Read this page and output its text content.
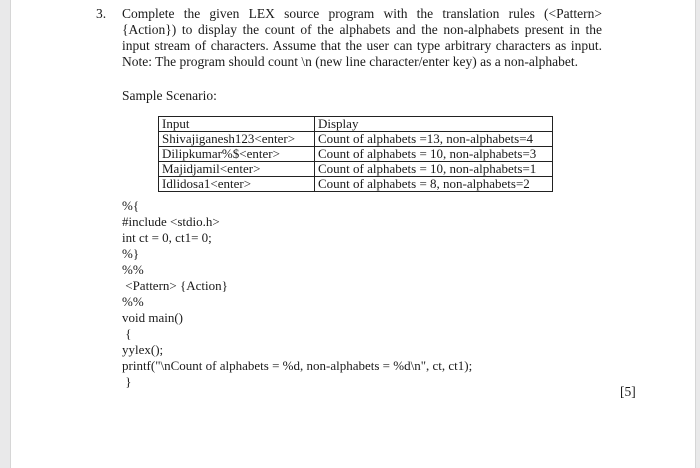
3. Complete the given LEX source program with the translation rules (<Pattern>
{Action}) to display the count of the alphabets and the non-alphabets present in the
input stream of characters. Assume that the user can type arbitrary characters as input.
Note: The program should count \n (new line character/enter key) as a non-alphabet.
Sample Scenario:
Input	Display
Shivajiganesh123<enter>	Count of alphabets =13, non-alphabets=4
Dilipkumar%$<enter>	Count of alphabets = 10, non-alphabets=3
Majidjamil<enter>	Count of alphabets = 10, non-alphabets=1
Idlidosa1<enter>	Count of alphabets = 8, non-alphabets=2
%{
#include <stdio.h>
int ct = 0, ct1= 0;
%}
%%
<Pattern> {Action}
%%
void main()
{
yylex();
printf("\nCount of alphabets = %d, non-alphabets = %d\n", ct, ct1);
}
[5]
